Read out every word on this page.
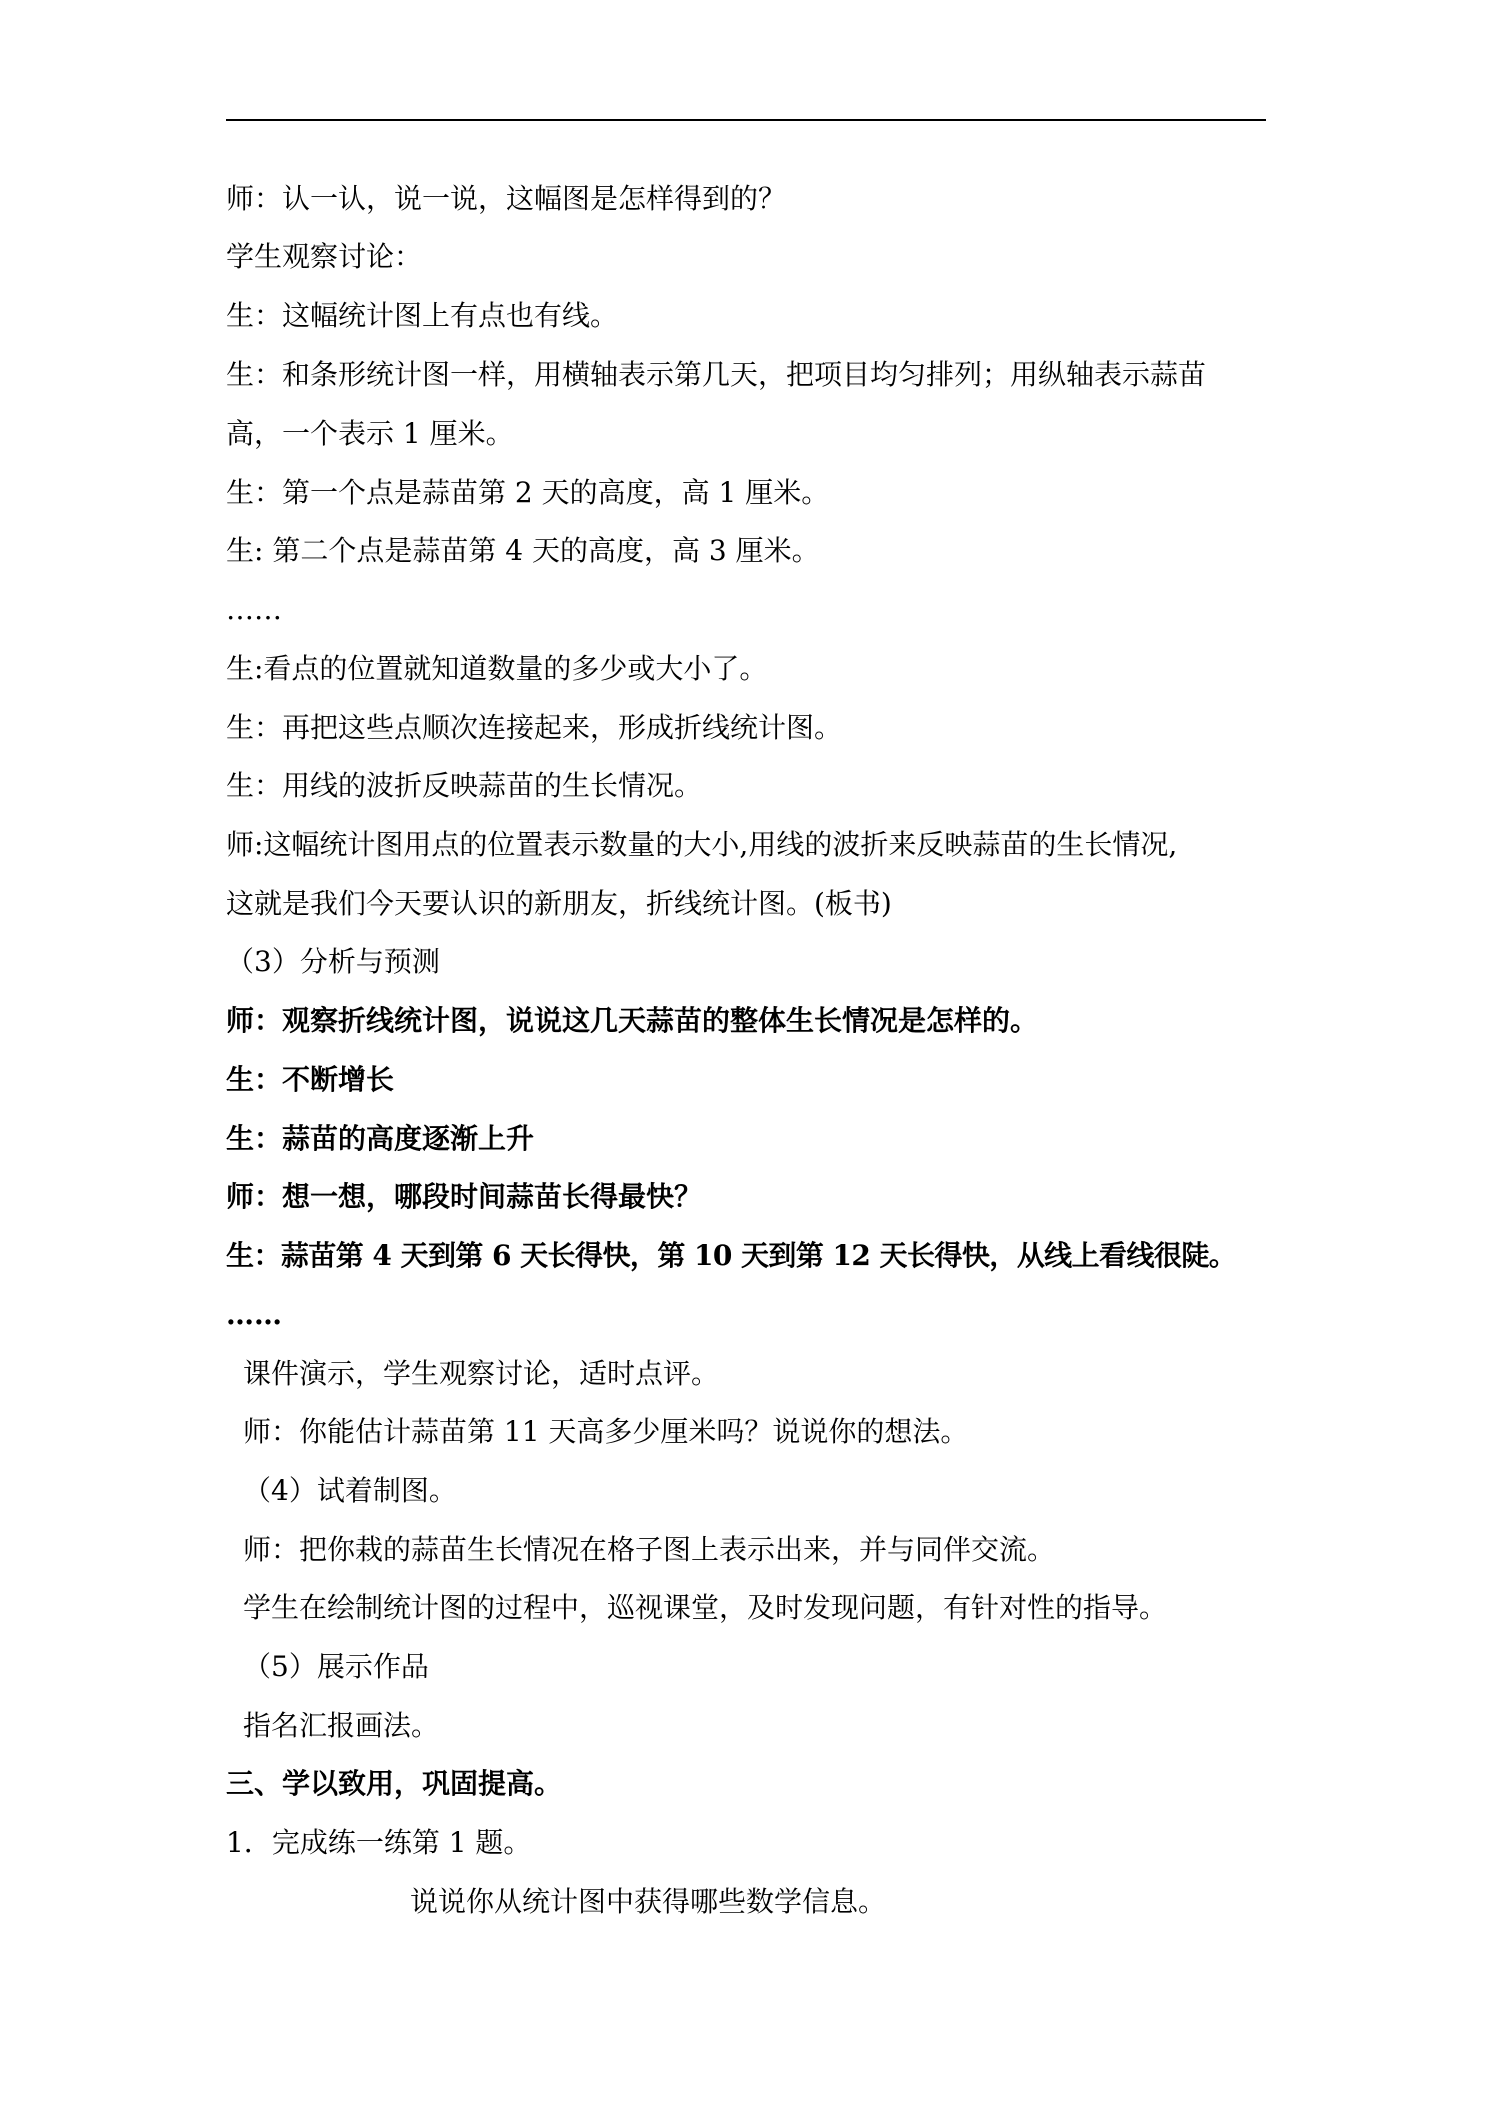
师：认一认，说一说，这幅图是怎样得到的？
学生观察讨论：
生：这幅统计图上有点也有线。
生：和条形统计图一样，用横轴表示第几天，把项目均匀排列；用纵轴表示蒜苗
高，一个表示 1 厘米。
生：第一个点是蒜苗第 2 天的高度，高 1 厘米。
生: 第二个点是蒜苗第 4 天的高度，高 3 厘米。
……
生:看点的位置就知道数量的多少或大小了。
生：再把这些点顺次连接起来，形成折线统计图。
生：用线的波折反映蒜苗的生长情况。
师:这幅统计图用点的位置表示数量的大小,用线的波折来反映蒜苗的生长情况,
这就是我们今天要认识的新朋友，折线统计图。(板书)
（3）分析与预测
师：观察折线统计图，说说这几天蒜苗的整体生长情况是怎样的。
生：不断增长
生：蒜苗的高度逐渐上升
师：想一想，哪段时间蒜苗长得最快？
生：蒜苗第 4 天到第 6 天长得快，第 10 天到第 12 天长得快，从线上看线很陡。
……
课件演示，学生观察讨论，适时点评。
师：你能估计蒜苗第 11 天高多少厘米吗？说说你的想法。
（4）试着制图。
师：把你栽的蒜苗生长情况在格子图上表示出来，并与同伴交流。
学生在绘制统计图的过程中，巡视课堂，及时发现问题，有针对性的指导。
（5）展示作品
指名汇报画法。
三、学以致用，巩固提高。
1．完成练一练第 1 题。
说说你从统计图中获得哪些数学信息。
